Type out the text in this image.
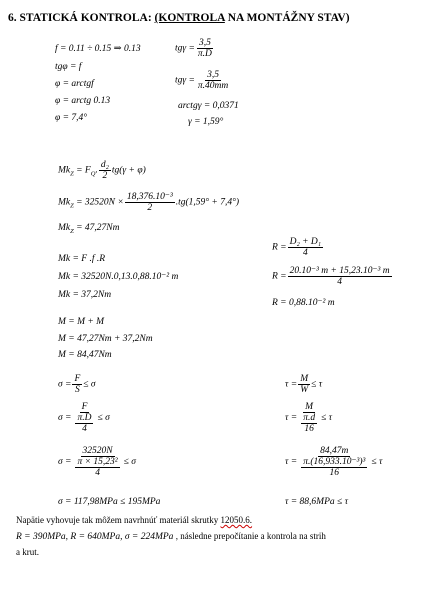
6. STATICKÁ KONTROLA: (KONTROLA NA MONTÁŽNY STAV)
f = 0.11 ÷ 0.15 ⇒ 0.13
tgφ = f
φ = arctgf
φ = arctg 0.13
φ = 7,4°
$tg\gamma = \frac{3,5}{\pi.D}$
$tg\gamma = \frac{3,5}{\pi.40mm}$
arctgγ = 0,0371
γ = 1,59°
$Mk_Z = F_Q$. $\frac{\text{d₂}}{2} tg(\gamma + \varphi)$
$Mk_Z = 32520N \times \frac{\text{18,376.10⁻³}}{2} .tg(1,59^\circ + 7,4^\circ)$
$Mk_Z = 47,27Nm$
Mk = F .f .R
Mk = 32520N.0,13.0,88.10⁻² m
Mk = 37,2Nm
$R = \frac{\text{D₂ + D₁}}{4}$
$R = \frac{\text{20.10⁻³ m + 15,23.10⁻³ m}}{4}$
R = 0,88.10⁻² m
M = M + M
M = 47,27Nm + 37,2Nm
M = 84,47Nm
$\sigma = \frac{F}{S} \le \sigma$
$\sigma = \frac{F}{\frac{\pi.D}{4}} \le \sigma$
$\sigma = \frac{32520N}{\frac{\text{π × 15,23²}}{4}} \le \sigma$
σ = 117,98MPa ≤ 195MPa
$\tau = \frac{M}{W} \le \tau$
$\tau = \frac{M}{\frac{\pi.d}{16}} \le \tau$
$\tau = \frac{84,47m}{\frac{\text{π.(16,933.10⁻³)³}}{16}} \le \tau$
τ = 88,6MPa ≤ τ
Napätie vyhovuje tak môžem navrhnúť materiál skrutky 12050.6.
R = 390MPa, R = 640MPa, σ = 224MPa , následne prepočítanie a kontrola na strih
a krut.
